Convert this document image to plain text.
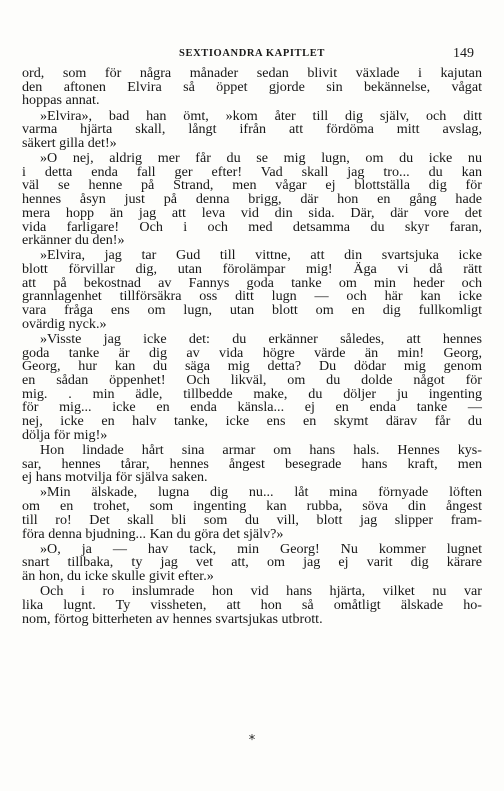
SEXTIOANDRA KAPITLET	149
ord, som för några månader sedan blivit växlade i kajutan
den aftonen Elvira så öppet gjorde sin bekännelse, vågat
hoppas annat.
»Elvira», bad han ömt, »kom åter till dig själv, och ditt
varma hjärta skall, långt ifrån att fördöma mitt avslag,
säkert gilla det!»
»O nej, aldrig mer får du se mig lugn, om du icke nu
i detta enda fall ger efter! Vad skall jag tro... du kan
väl se henne på Strand, men vågar ej blottställa dig för
hennes åsyn just på denna brigg, där hon en gång hade
mera hopp än jag att leva vid din sida. Där, där vore det
vida farligare! Och i och med detsamma du skyr faran,
erkänner du den!»
»Elvira, jag tar Gud till vittne, att din svartsjuka icke
blott förvillar dig, utan förolämpar mig! Äga vi då rätt
att på bekostnad av Fannys goda tanke om min heder och
grannlagenhet tillförsäkra oss ditt lugn — och här kan icke
vara fråga ens om lugn, utan blott om en dig fullkomligt
ovärdig nyck.»
»Visste jag icke det: du erkänner således, att hennes
goda tanke är dig av vida högre värde än min! Georg,
Georg, hur kan du säga mig detta? Du dödar mig genom
en sådan öppenhet! Och likväl, om du dolde något för
mig. . min ädle, tillbedde make, du döljer ju ingenting
för mig... icke en enda känsla... ej en enda tanke —
nej, icke en halv tanke, icke ens en skymt därav får du
dölja för mig!»
Hon lindade hårt sina armar om hans hals. Hennes kys-
sar, hennes tårar, hennes ångest besegrade hans kraft, men
ej hans motvilja för själva saken.
»Min älskade, lugna dig nu... låt mina förnyade löften
om en trohet, som ingenting kan rubba, söva din ångest
till ro! Det skall bli som du vill, blott jag slipper fram-
föra denna bjudning... Kan du göra det själv?»
»O, ja — hav tack, min Georg! Nu kommer lugnet
snart tillbaka, ty jag vet att, om jag ej varit dig kärare
än hon, du icke skulle givit efter.»
Och i ro inslumrade hon vid hans hjärta, vilket nu var
lika lugnt. Ty vissheten, att hon så omåtligt älskade ho-
nom, förtog bitterheten av hennes svartsjukas utbrott.
*
